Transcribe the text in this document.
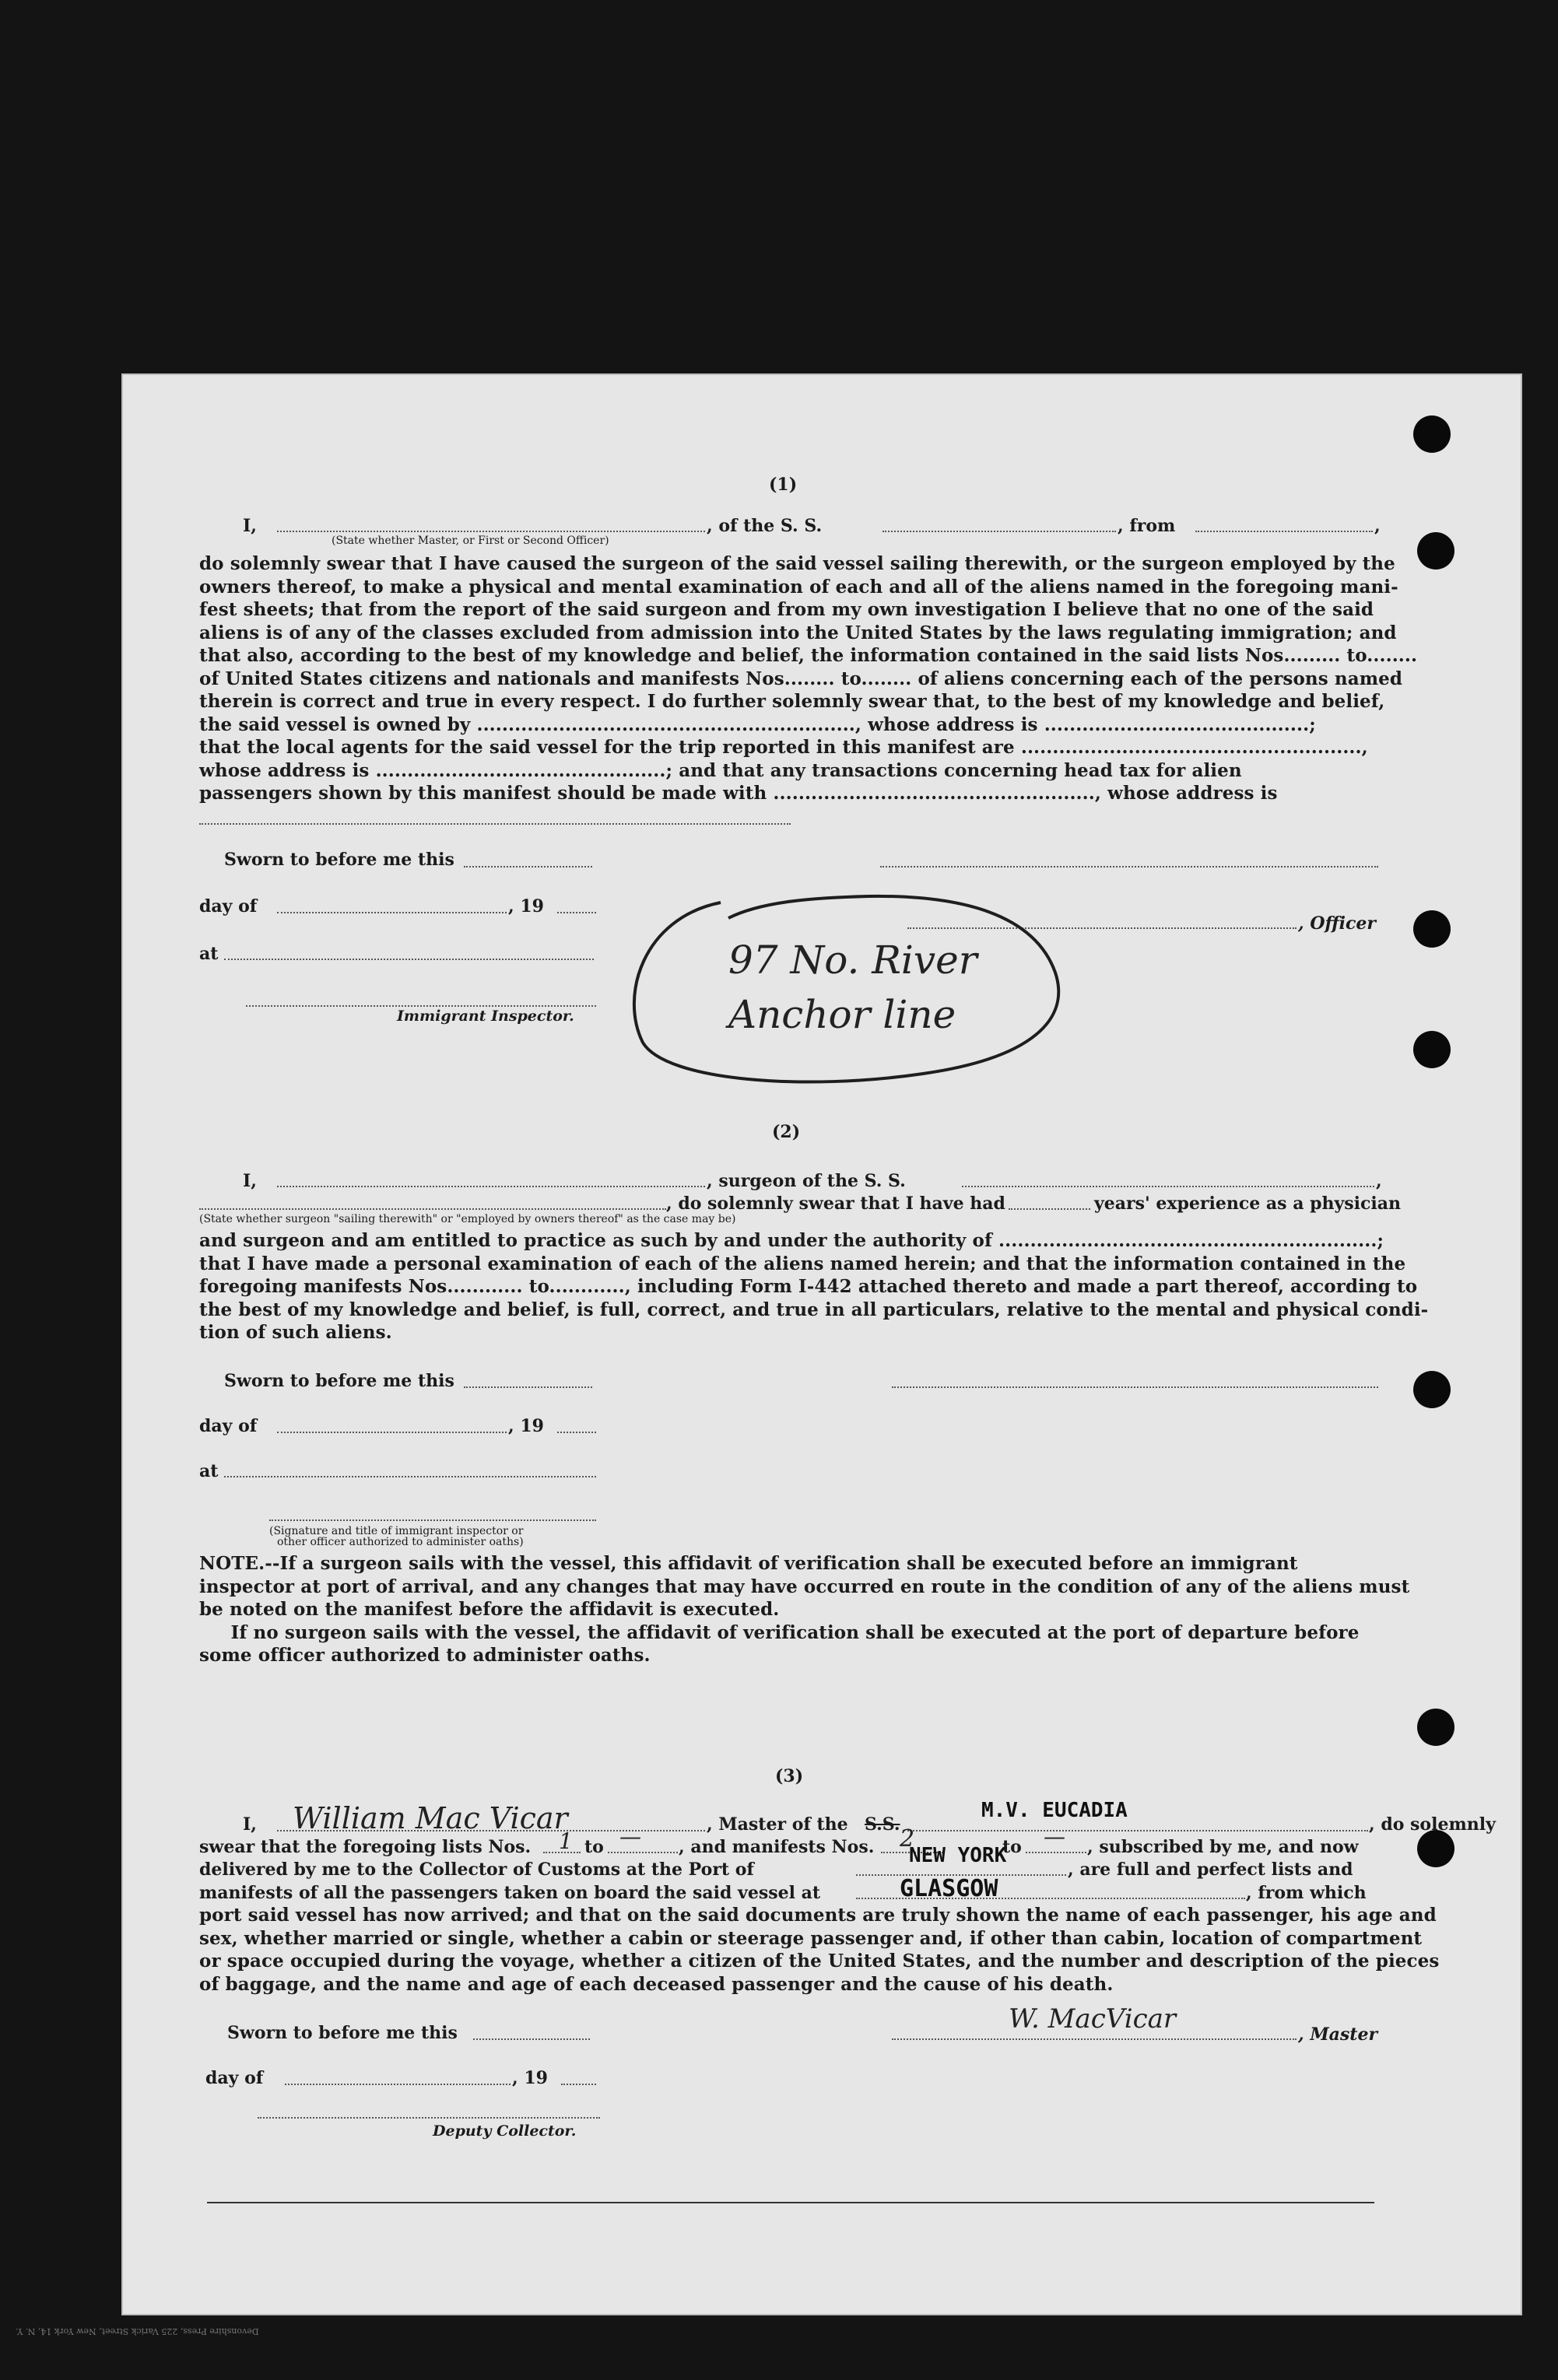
(1)
I,	, of the S. S.	, from	,
(State whether Master, or First or Second Officer)
do solemnly swear that I have caused the surgeon of the said vessel sailing therewith, or the surgeon employed by the
owners thereof, to make a physical and mental examination of each and all of the aliens named in the foregoing mani-
fest sheets; that from the report of the said surgeon and from my own investigation I believe that no one of the said
aliens is of any of the classes excluded from admission into the United States by the laws regulating immigration; and
that also, according to the best of my knowledge and belief, the information contained in the said lists Nos......... to........
of United States citizens and nationals and manifests Nos........ to........ of aliens concerning each of the persons named
therein is correct and true in every respect. I do further solemnly swear that, to the best of my knowledge and belief,
the said vessel is owned by ............................................................, whose address is ..........................................;
that the local agents for the said vessel for the trip reported in this manifest are ......................................................,
whose address is ..............................................; and that any transactions concerning head tax for alien
passengers shown by this manifest should be made with ..................................................., whose address is
Sworn to before me this
day of	, 19
, Officer
at
Immigrant Inspector.
97 No. River
Anchor line
(2)
I,	, surgeon of the S. S.	,
, do solemnly swear that I have had	years' experience as a physician
(State whether surgeon "sailing therewith" or "employed by owners thereof" as the case may be)
and surgeon and am entitled to practice as such by and under the authority of ............................................................;
that I have made a personal examination of each of the aliens named herein; and that the information contained in the
foregoing manifests Nos............ to............, including Form I-442 attached thereto and made a part thereof, according to
the best of my knowledge and belief, is full, correct, and true in all particulars, relative to the mental and physical condi-
tion of such aliens.
Sworn to before me this
day of	, 19
at
(Signature and title of immigrant inspector or
other officer authorized to administer oaths)
NOTE.--If a surgeon sails with the vessel, this affidavit of verification shall be executed before an immigrant
inspector at port of arrival, and any changes that may have occurred en route in the condition of any of the aliens must
be noted on the manifest before the affidavit is executed.
If no surgeon sails with the vessel, the affidavit of verification shall be executed at the port of departure before
some officer authorized to administer oaths.
(3)
I, William Mac Vicar	, Master of the S.S.
M.V. EUCADIA
, do solemnly
swear that the foregoing lists Nos. 1 to — , and manifests Nos. 2	to — , subscribed by me, and now
delivered by me to the Collector of Customs at the Port of
NEW YORK
, are full and perfect lists and
manifests of all the passengers taken on board the said vessel at	GLASGOW	, from which
port said vessel has now arrived; and that on the said documents are truly shown the name of each passenger, his age and
sex, whether married or single, whether a cabin or steerage passenger and, if other than cabin, location of compartment
or space occupied during the voyage, whether a citizen of the United States, and the number and description of the pieces
of baggage, and the name and age of each deceased passenger and the cause of his death.
Sworn to before me this	W. MacVicar	, Master
day of	, 19
Deputy Collector.
Devonshire Press, 225 Varick Street, New York 14, N. Y.
